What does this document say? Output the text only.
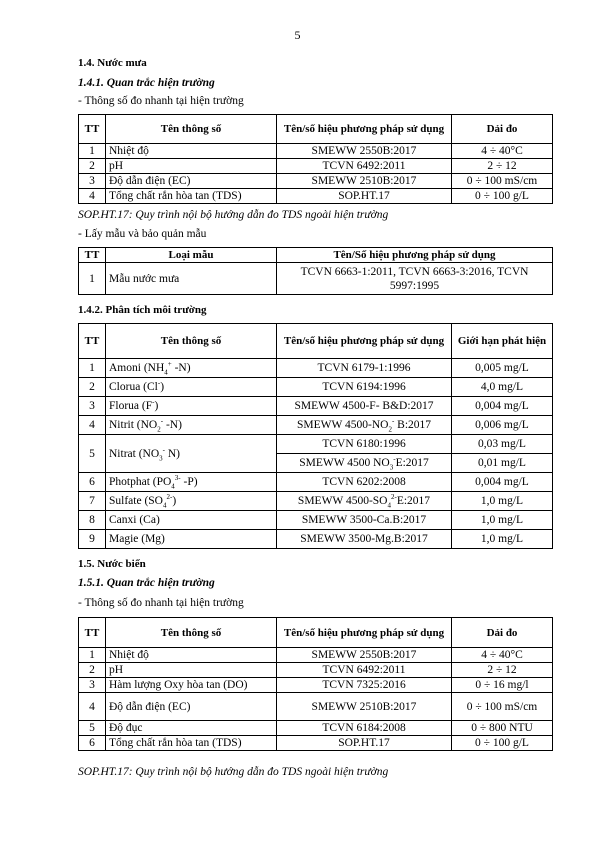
5
1.4. Nước mưa
1.4.1. Quan trắc hiện trường
- Thông số đo nhanh tại hiện trường
TT	Tên thông số	Tên/số hiệu phương pháp sử dụng	Dải đo
1	Nhiệt độ	SMEWW 2550B:2017	4 ÷ 40°C
2	pH	TCVN 6492:2011	2 ÷ 12
3	Độ dẫn điện (EC)	SMEWW 2510B:2017	0 ÷ 100 mS/cm
4	Tổng chất rắn hòa tan (TDS)	SOP.HT.17	0 ÷ 100 g/L
SOP.HT.17: Quy trình nội bộ hướng dẫn đo TDS ngoài hiện trường
- Lấy mẫu và bảo quản mẫu
TT	Loại mẫu	Tên/Số hiệu phương pháp sử dụng
1	Mẫu nước mưa	TCVN 6663-1:2011, TCVN 6663-3:2016, TCVN 5997:1995
1.4.2. Phân tích môi trường
TT	Tên thông số	Tên/số hiệu phương pháp sử dụng	Giới hạn phát hiện
1	Amoni ($NH_4^+$ -N)	TCVN 6179-1:1996	0,005 mg/L
2	Clorua (Cl-)	TCVN 6194:1996	4,0 mg/L
3	Florua (F-)	SMEWW 4500-F- B&D:2017	0,004 mg/L
4	Nitrit ($NO_2^-$ -N)	SMEWW $4500-NO_2^-$ B:2017	0,006 mg/L
5	Nitrat ($NO_3^-$ N)	TCVN 6180:1996	0,03 mg/L
		SMEWW 4500 $NO_3^-E:2017$	0,01 mg/L
6	Photphat ($PO_4^{3-}$ -P)	TCVN 6202:2008	0,004 mg/L
7	Sulfate $(SO_4^{2-})$	SMEWW $4500-SO_4^{2-}E:2017$	1,0 mg/L
8	Canxi (Ca)	SMEWW 3500-Ca.B:2017	1,0 mg/L
9	Magie (Mg)	SMEWW 3500-Mg.B:2017	1,0 mg/L
1.5. Nước biển
1.5.1. Quan trắc hiện trường
- Thông số đo nhanh tại hiện trường
TT	Tên thông số	Tên/số hiệu phương pháp sử dụng	Dải đo
1	Nhiệt độ	SMEWW 2550B:2017	4 ÷ 40°C
2	pH	TCVN 6492:2011	2 ÷ 12
3	Hàm lượng Oxy hòa tan (DO)	TCVN 7325:2016	0 ÷ 16 mg/l
4	Độ dẫn điện (EC)	SMEWW 2510B:2017	0 ÷ 100 mS/cm
5	Độ đục	TCVN 6184:2008	0 ÷ 800 NTU
6	Tổng chất rắn hòa tan (TDS)	SOP.HT.17	0 ÷ 100 g/L
SOP.HT.17: Quy trình nội bộ hướng dẫn đo TDS ngoài hiện trường
